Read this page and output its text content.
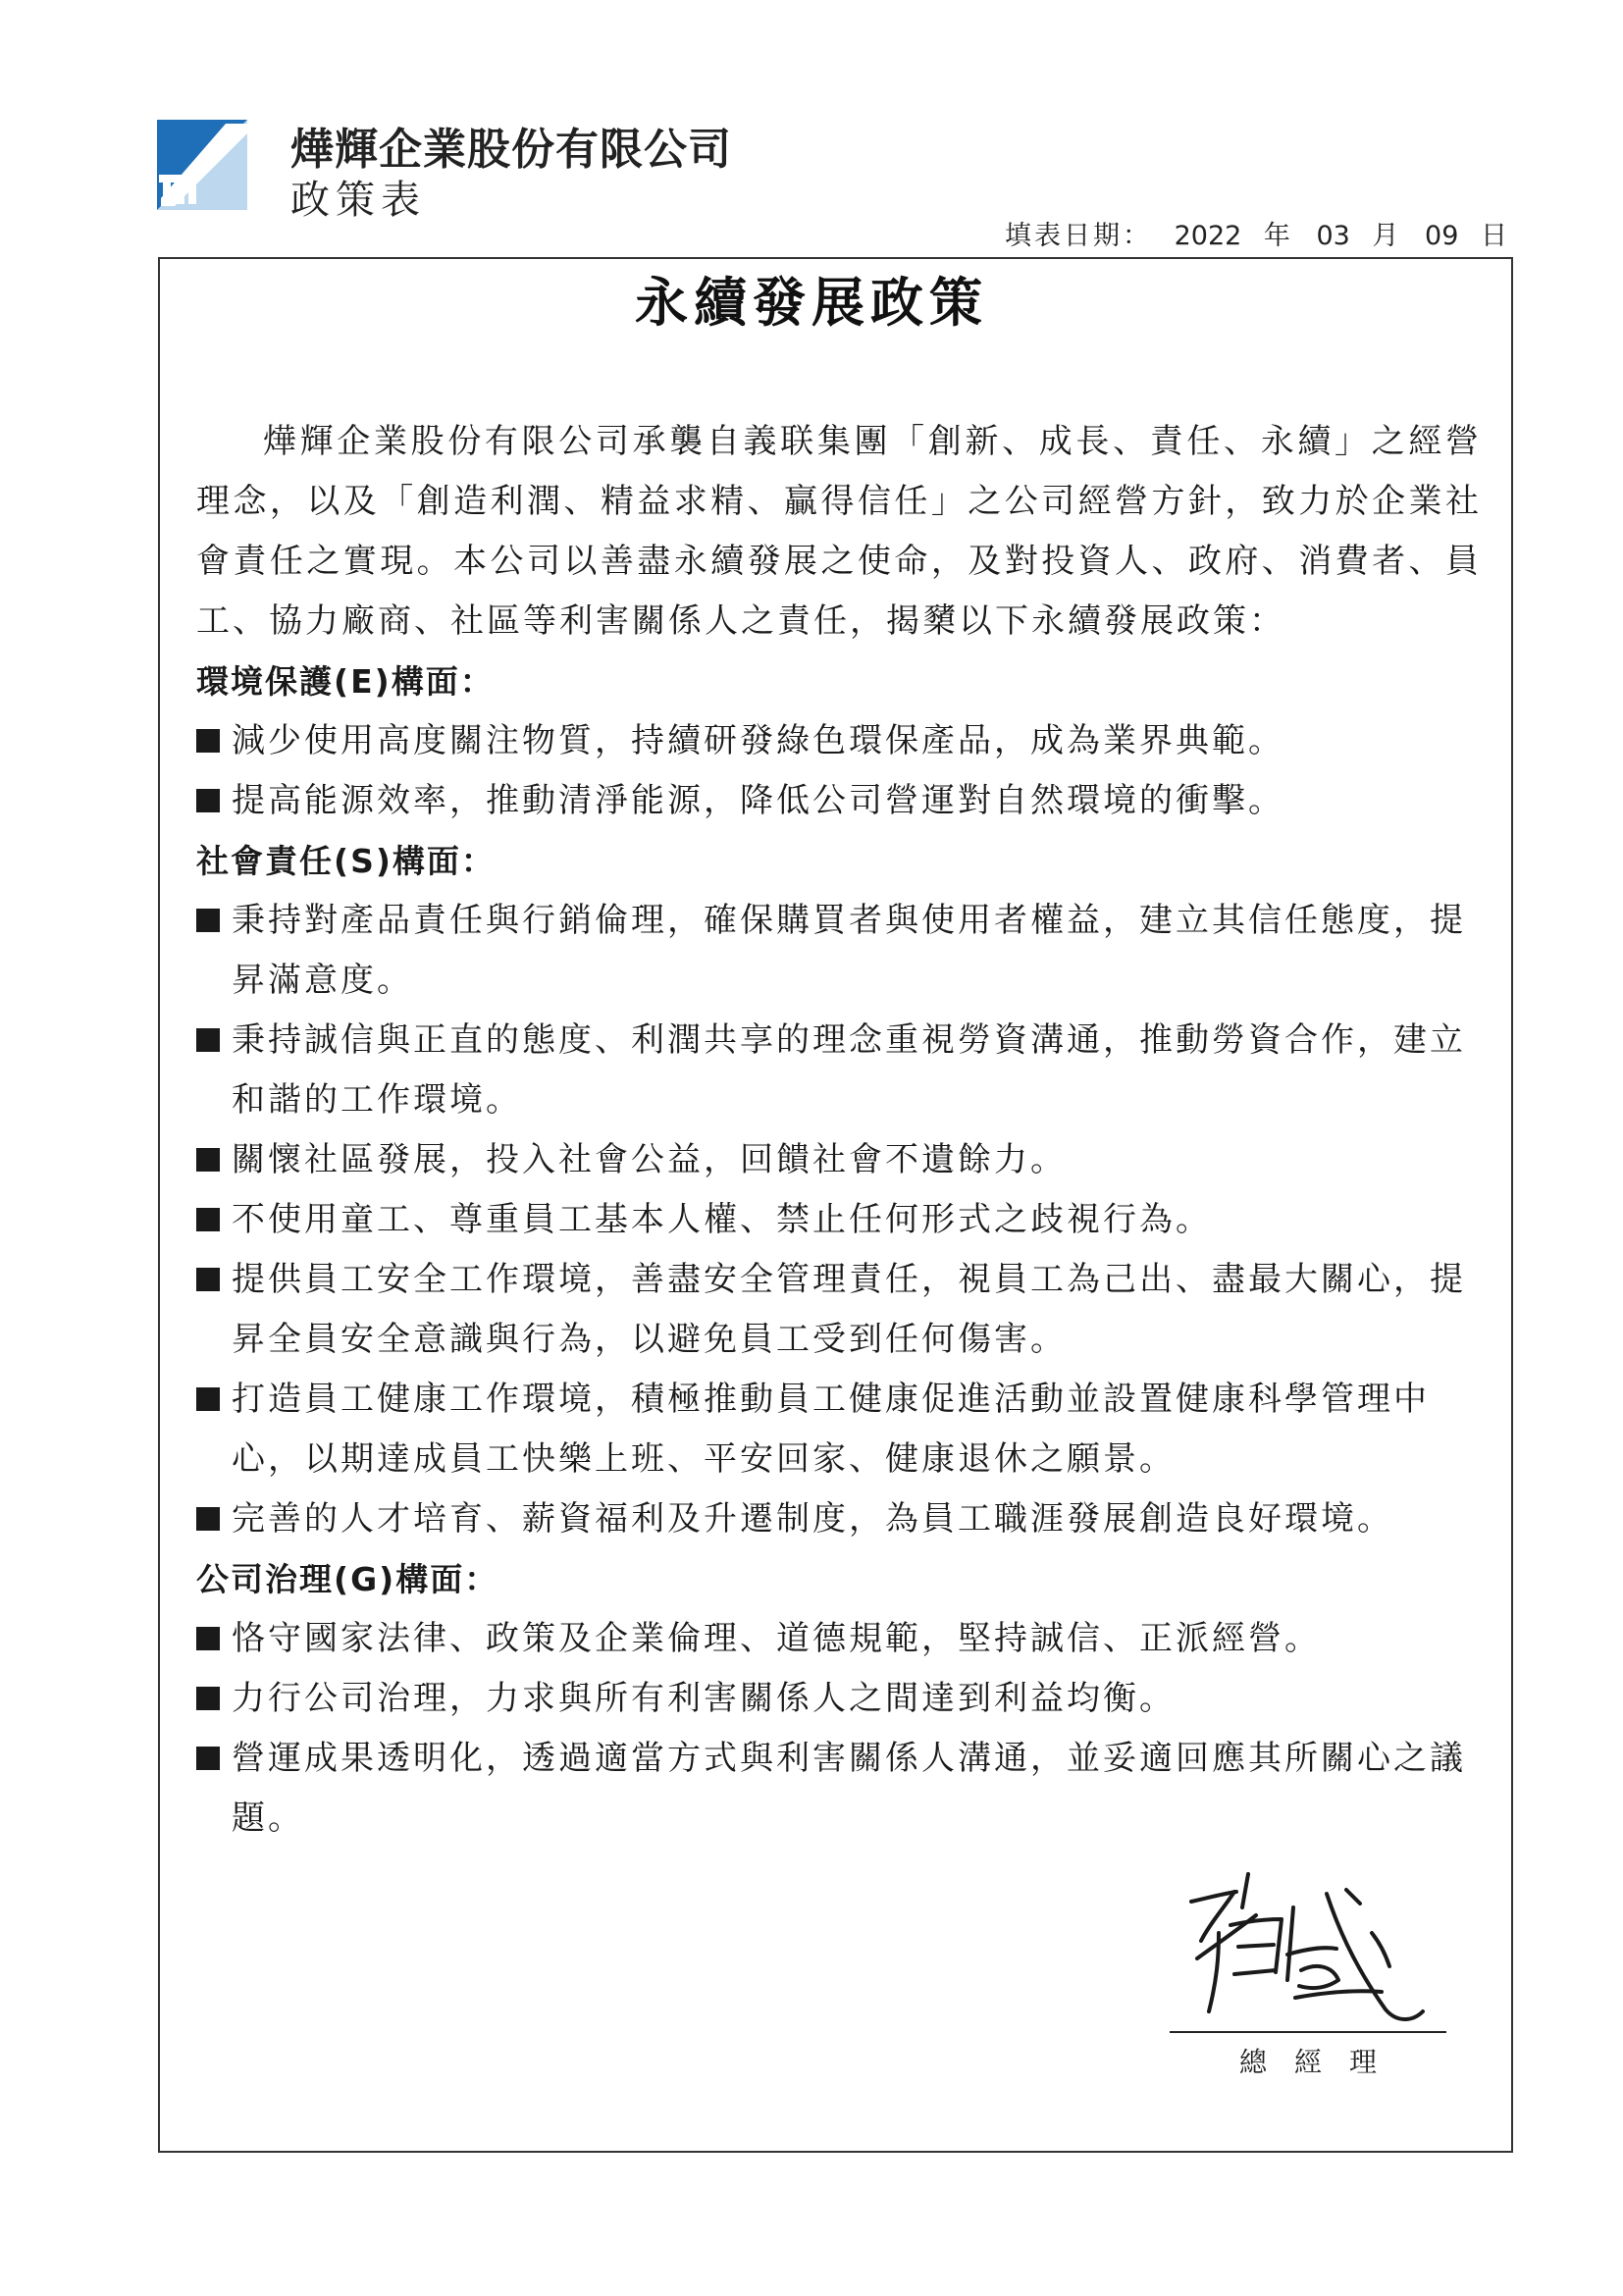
燁輝企業股份有限公司
政策表
填表日期： 2022 年 03 月 09 日
永續發展政策

燁輝企業股份有限公司承襲自義联集團「創新、成長、責任、永續」之經營理念，以及「創造利潤、精益求精、贏得信任」之公司經營方針，致力於企業社會責任之實現。本公司以善盡永續發展之使命，及對投資人、政府、消費者、員工、協力廠商、社區等利害關係人之責任，揭櫫以下永續發展政策：

環境保護(E)構面：

減少使用高度關注物質，持續研發綠色環保產品，成為業界典範。

提高能源效率，推動清淨能源，降低公司營運對自然環境的衝擊。

社會責任(S)構面：

秉持對產品責任與行銷倫理，確保購買者與使用者權益，建立其信任態度，提昇滿意度。

秉持誠信與正直的態度、利潤共享的理念重視勞資溝通，推動勞資合作，建立和諧的工作環境。

關懷社區發展，投入社會公益，回饋社會不遺餘力。

不使用童工、尊重員工基本人權、禁止任何形式之歧視行為。

提供員工安全工作環境，善盡安全管理責任，視員工為己出、盡最大關心，提昇全員安全意識與行為，以避免員工受到任何傷害。

打造員工健康工作環境，積極推動員工健康促進活動並設置健康科學管理中心，以期達成員工快樂上班、平安回家、健康退休之願景。

完善的人才培育、薪資福利及升遷制度，為員工職涯發展創造良好環境。

公司治理(G)構面：

恪守國家法律、政策及企業倫理、道德規範，堅持誠信、正派經營。

力行公司治理，力求與所有利害關係人之間達到利益均衡。

營運成果透明化，透過適當方式與利害關係人溝通，並妥適回應其所關心之議題。

總經理
